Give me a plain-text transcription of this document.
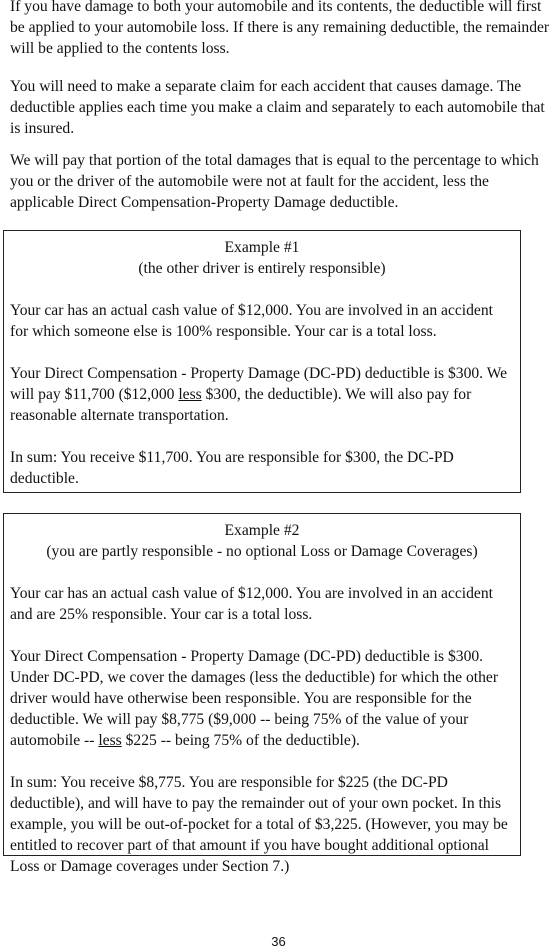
If you have damage to both your automobile and its contents, the deductible will first be applied to your automobile loss. If there is any remaining deductible, the remainder will be applied to the contents loss.

You will need to make a separate claim for each accident that causes damage. The deductible applies each time you make a claim and separately to each automobile that is insured.

We will pay that portion of the total damages that is equal to the percentage to which you or the driver of the automobile were not at fault for the accident, less the applicable Direct Compensation-Property Damage deductible.

Example #1

(the other driver is entirely responsible)

Your car has an actual cash value of $12,000. You are involved in an accident for which someone else is 100% responsible. Your car is a total loss.

Your Direct Compensation - Property Damage (DC-PD) deductible is $300. We will pay $11,700 ($12,000 less $300, the deductible). We will also pay for reasonable alternate transportation.

In sum: You receive $11,700. You are responsible for $300, the DC-PD deductible.

Example #2

(you are partly responsible - no optional Loss or Damage Coverages)

Your car has an actual cash value of $12,000. You are involved in an accident and are 25% responsible. Your car is a total loss.

Your Direct Compensation - Property Damage (DC-PD) deductible is $300. Under DC-PD, we cover the damages (less the deductible) for which the other driver would have otherwise been responsible. You are responsible for the deductible. We will pay $8,775 ($9,000 -- being 75% of the value of your automobile -- less $225 -- being 75% of the deductible).

In sum: You receive $8,775. You are responsible for $225 (the DC-PD deductible), and will have to pay the remainder out of your own pocket. In this example, you will be out-of-pocket for a total of $3,225. (However, you may be entitled to recover part of that amount if you have bought additional optional Loss or Damage coverages under Section 7.)

36
